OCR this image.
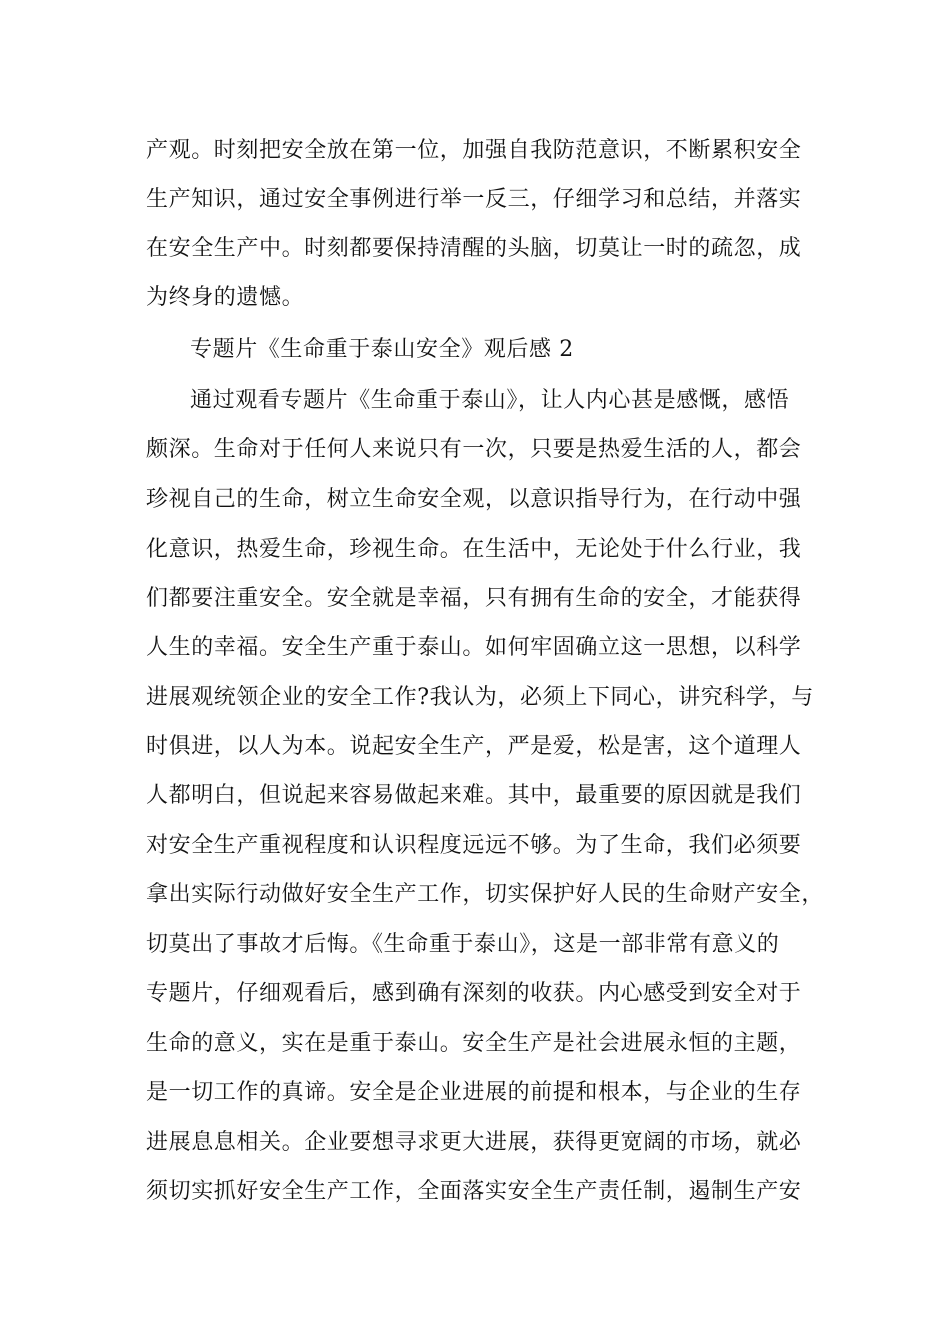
产观。时刻把安全放在第一位，加强自我防范意识，不断累积安全
生产知识，通过安全事例进行举一反三，仔细学习和总结，并落实
在安全生产中。时刻都要保持清醒的头脑，切莫让一时的疏忽，成
为终身的遗憾。
专题片《生命重于泰山安全》观后感 2
通过观看专题片《生命重于泰山》，让人内心甚是感慨，感悟
颇深。生命对于任何人来说只有一次，只要是热爱生活的人，都会
珍视自己的生命，树立生命安全观，以意识指导行为，在行动中强
化意识，热爱生命，珍视生命。在生活中，无论处于什么行业，我
们都要注重安全。安全就是幸福，只有拥有生命的安全，才能获得
人生的幸福。安全生产重于泰山。如何牢固确立这一思想，以科学
进展观统领企业的安全工作?我认为，必须上下同心，讲究科学，与
时俱进，以人为本。说起安全生产，严是爱，松是害，这个道理人
人都明白，但说起来容易做起来难。其中，最重要的原因就是我们
对安全生产重视程度和认识程度远远不够。为了生命，我们必须要
拿出实际行动做好安全生产工作，切实保护好人民的生命财产安全，
切莫出了事故才后悔。《生命重于泰山》，这是一部非常有意义的
专题片，仔细观看后，感到确有深刻的收获。内心感受到安全对于
生命的意义，实在是重于泰山。安全生产是社会进展永恒的主题，
是一切工作的真谛。安全是企业进展的前提和根本，与企业的生存
进展息息相关。企业要想寻求更大进展，获得更宽阔的市场，就必
须切实抓好安全生产工作，全面落实安全生产责任制，遏制生产安
